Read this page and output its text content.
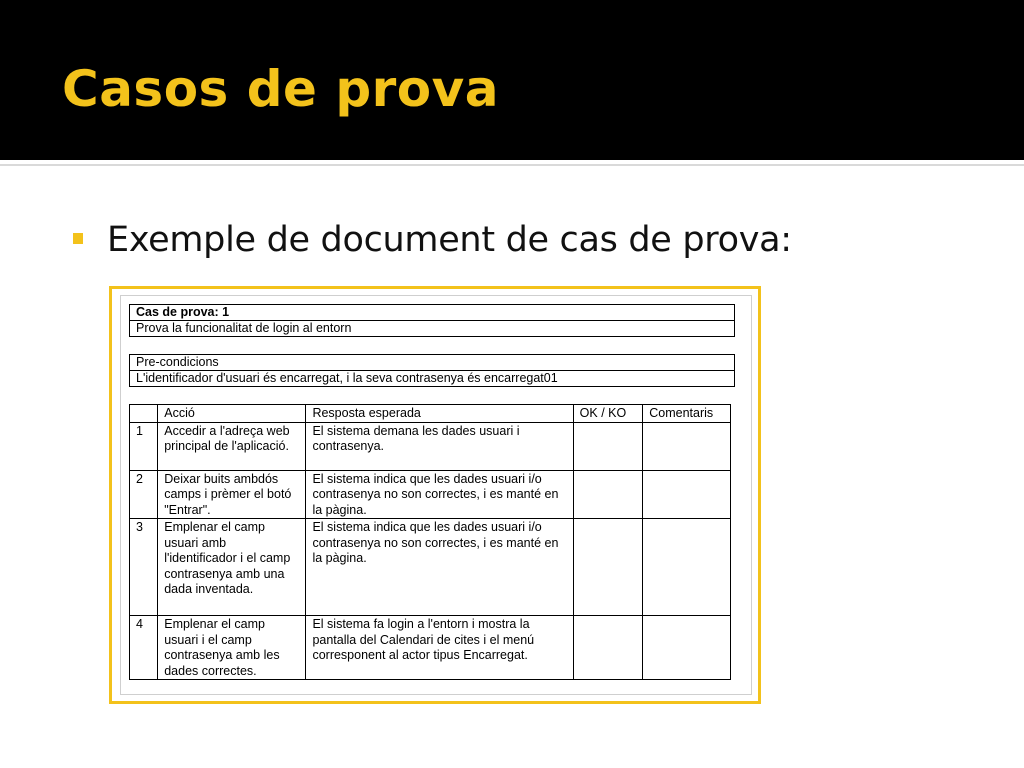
Casos de prova
Exemple de document de cas de prova:
Cas de prova: 1
Prova la funcionalitat de login al entorn
Pre-condicions
L'identificador d'usuari és encarregat, i la seva contrasenya és encarregat01
	Acció	Resposta esperada	OK / KO	Comentaris
1	Accedir a l'adreça web principal de l'aplicació.	El sistema demana les dades usuari i contrasenya.		
2	Deixar buits ambdós camps i prèmer el botó "Entrar".	El sistema indica que les dades usuari i/o contrasenya no son correctes, i es manté en la pàgina.		
3	Emplenar el camp usuari amb l'identificador i el camp contrasenya amb una dada inventada.	El sistema indica que les dades usuari i/o contrasenya no son correctes, i es manté en la pàgina.		
4	Emplenar el camp usuari i el camp contrasenya amb les dades correctes.	El sistema fa login a l'entorn i mostra la pantalla del Calendari de cites i el menú corresponent al actor tipus Encarregat.		
